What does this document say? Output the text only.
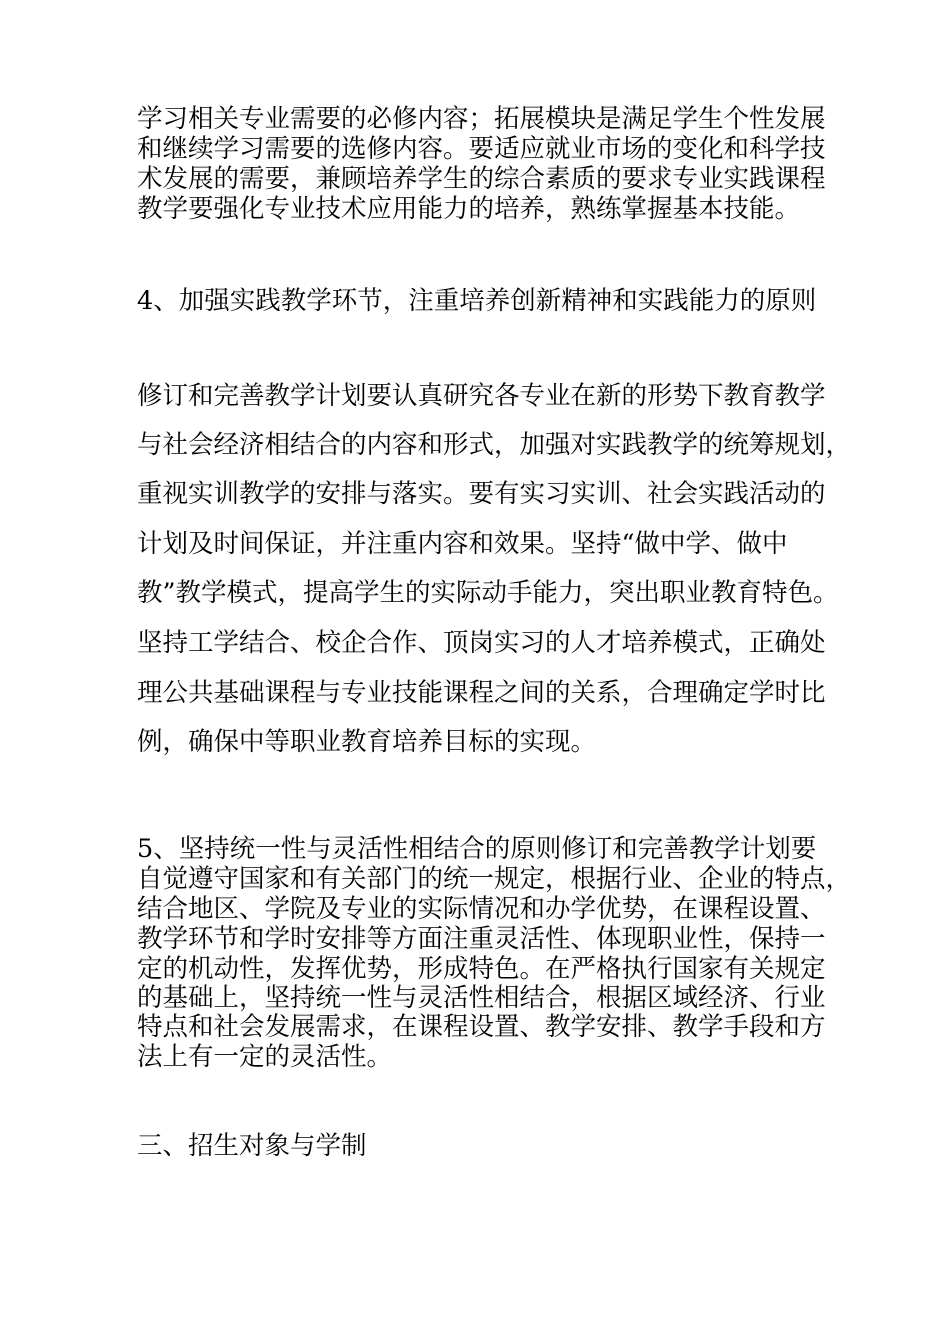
学习相关专业需要的必修内容；拓展模块是满足学生个性发展
和继续学习需要的选修内容。要适应就业市场的变化和科学技
术发展的需要，兼顾培养学生的综合素质的要求专业实践课程
教学要强化专业技术应用能力的培养，熟练掌握基本技能。
4、加强实践教学环节，注重培养创新精神和实践能力的原则
修订和完善教学计划要认真研究各专业在新的形势下教育教学
与社会经济相结合的内容和形式，加强对实践教学的统筹规划，
重视实训教学的安排与落实。要有实习实训、社会实践活动的
计划及时间保证，并注重内容和效果。坚持“做中学、做中
教”教学模式，提高学生的实际动手能力，突出职业教育特色。
坚持工学结合、校企合作、顶岗实习的人才培养模式，正确处
理公共基础课程与专业技能课程之间的关系，合理确定学时比
例，确保中等职业教育培养目标的实现。
5、坚持统一性与灵活性相结合的原则修订和完善教学计划要
自觉遵守国家和有关部门的统一规定，根据行业、企业的特点，
结合地区、学院及专业的实际情况和办学优势，在课程设置、
教学环节和学时安排等方面注重灵活性、体现职业性，保持一
定的机动性，发挥优势，形成特色。在严格执行国家有关规定
的基础上，坚持统一性与灵活性相结合，根据区域经济、行业
特点和社会发展需求，在课程设置、教学安排、教学手段和方
法上有一定的灵活性。
三、招生对象与学制
